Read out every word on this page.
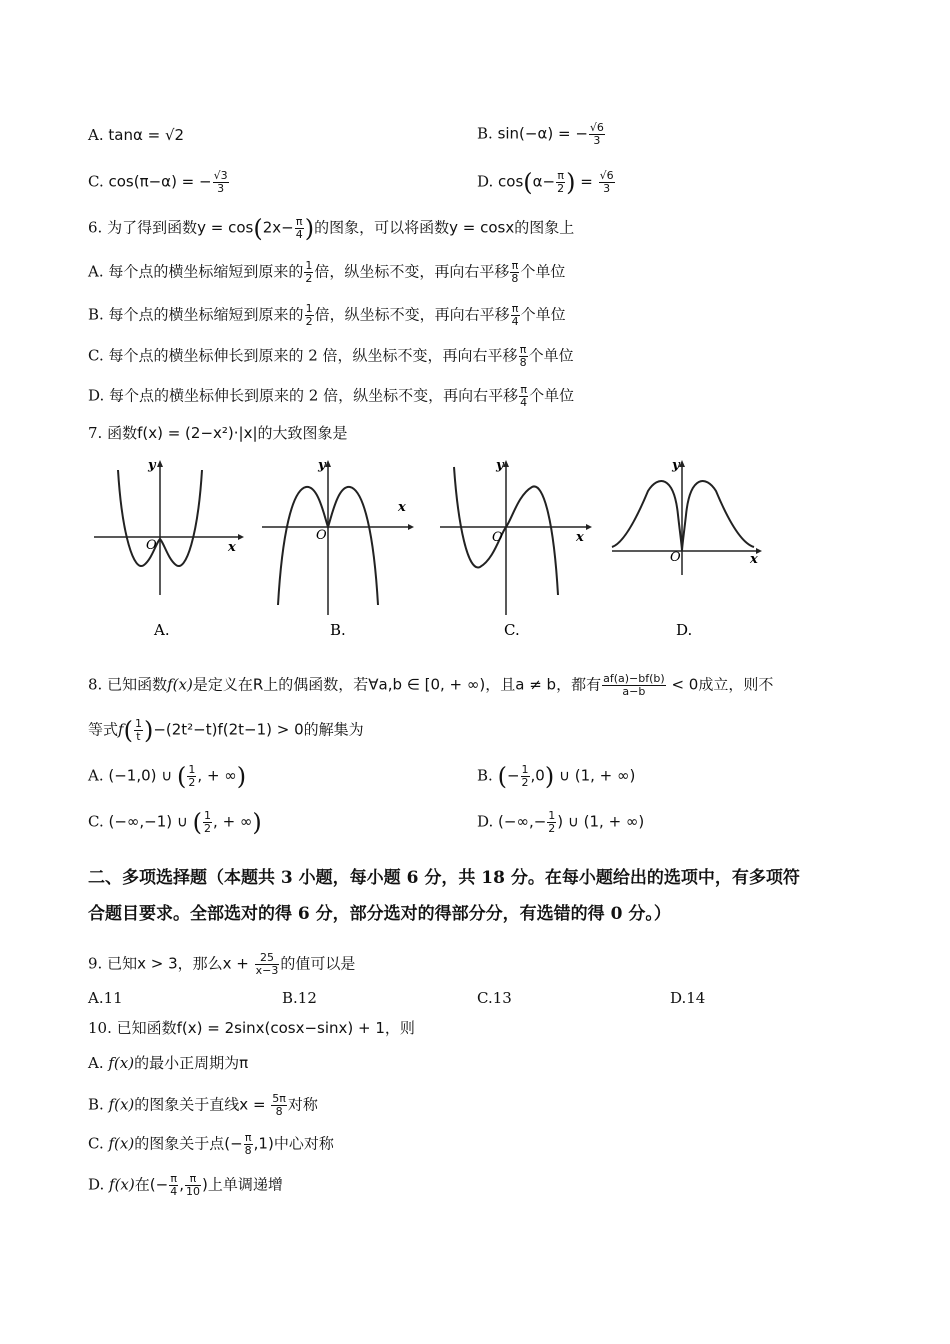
A. tanα = √2	B. sin(−α) = − $\frac{√6}{3}$
C. cos(π−α) = − $\frac{√3}{3}$	D. $\cos(\alpha- \frac{\pi}{2}$ ) = $\frac{√6}{3}$
6. 为了得到函数$y = \cos(2x- \frac{\pi}{4}$ )的图象，可以将函数y = cosx的图象上
A. 每个点的横坐标缩短到原来的 $\frac{1}{2}$ 倍，纵坐标不变，再向右平移 $\frac{\pi}{8}$ 个单位
B. 每个点的横坐标缩短到原来的 $\frac{1}{2}$ 倍，纵坐标不变，再向右平移 $\frac{\pi}{4}$ 个单位
C. 每个点的横坐标伸长到原来的 2 倍，纵坐标不变，再向右平移 $\frac{\pi}{8}$ 个单位
D. 每个点的横坐标伸长到原来的 2 倍，纵坐标不变，再向右平移 $\frac{\pi}{4}$ 个单位
7. 函数f(x) = (2−x²)·|x|的大致图象是
y
x
O
A.
y
x
O
B.
y
x
O
C.
y
x
O
D.
8. 已知函数f(x)是定义在R上的偶函数，若∀a,b ∈ [0, + ∞)，且a ≠ b，都有 $\frac{af(a)-bf(b)}{a-b} < 0$成立，则不
等式$f( \frac{1}{t} )-(2t^2-t)f(2t-1) > 0$的解集为
A. (−1,0) ∪ ( $\frac{1}{2}$ , + ∞)	B. (− $\frac{1}{2} ,0$) ∪ (1, + ∞)
C. (−∞,−1) ∪ ( $\frac{1}{2}$ , + ∞)	D. (−∞,− $\frac{1}{2}$ ) ∪ (1, + ∞)
二、多项选择题（本题共 3 小题，每小题 6 分，共 18 分。在每小题给出的选项中，有多项符
合题目要求。全部选对的得 6 分，部分选对的得部分分，有选错的得 0 分。）
9. 已知x > 3，那么$x + \frac{25}{x-3}$ 的值可以是
A.11	B.12	C.13	D.14
10. 已知函数f(x) = 2sinx(cosx−sinx) + 1，则
A. f(x)的最小正周期为π
B. f(x)的图象关于直线$x = \frac{5\pi}{8}$ 对称
C. f(x)的图象关于点(− $\frac{\pi}{8} ,1$)中心对称
D. f(x)在(− $\frac{\pi}{4}$ , $\frac{\pi}{10}$ )上单调递增
